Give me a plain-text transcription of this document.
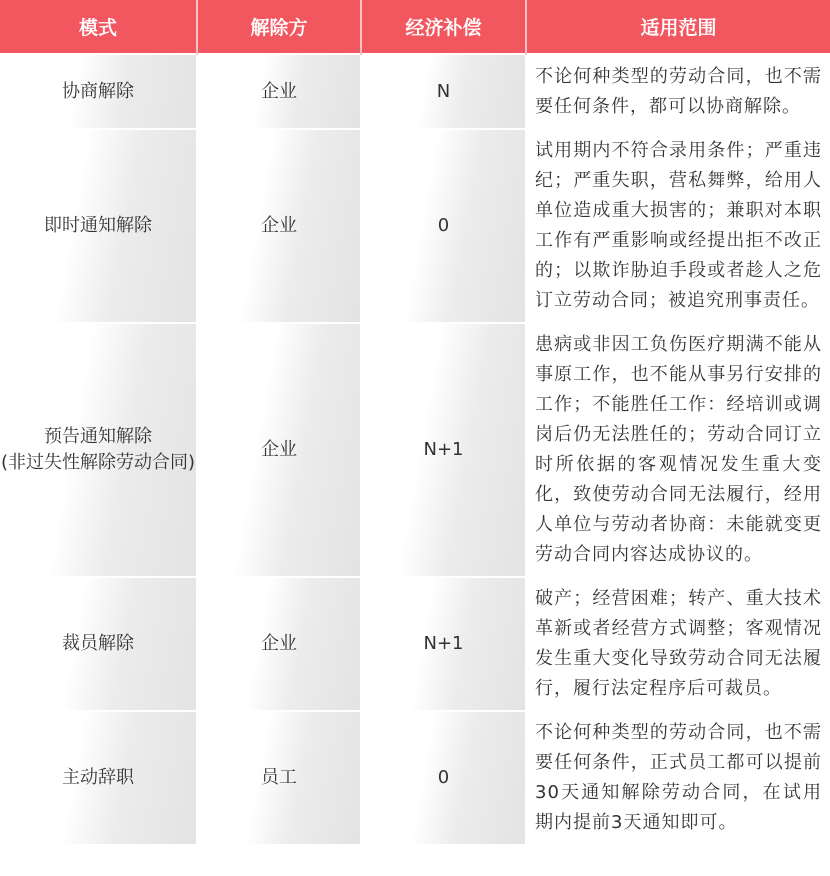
模式	解除方	经济补偿	适用范围
协商解除	企业	N	不论何种类型的劳动合同，也不需要任何条件，都可以协商解除。
即时通知解除	企业	0	试用期内不符合录用条件；严重违纪；严重失职，营私舞弊，给用人单位造成重大损害的；兼职对本职工作有严重影响或经提出拒不改正的；以欺诈胁迫手段或者趁人之危订立劳动合同；被追究刑事责任。
预告通知解除
(非过失性解除劳动合同)	企业	N+1	患病或非因工负伤医疗期满不能从事原工作，也不能从事另行安排的工作；不能胜任工作：经培训或调岗后仍无法胜任的；劳动合同订立时所依据的客观情况发生重大变化，致使劳动合同无法履行，经用人单位与劳动者协商：未能就变更劳动合同内容达成协议的。
裁员解除	企业	N+1	破产；经营困难；转产、重大技术革新或者经营方式调整；客观情况发生重大变化导致劳动合同无法履行，履行法定程序后可裁员。
主动辞职	员工	0	不论何种类型的劳动合同，也不需要任何条件，正式员工都可以提前30天通知解除劳动合同，在试用期内提前3天通知即可。
